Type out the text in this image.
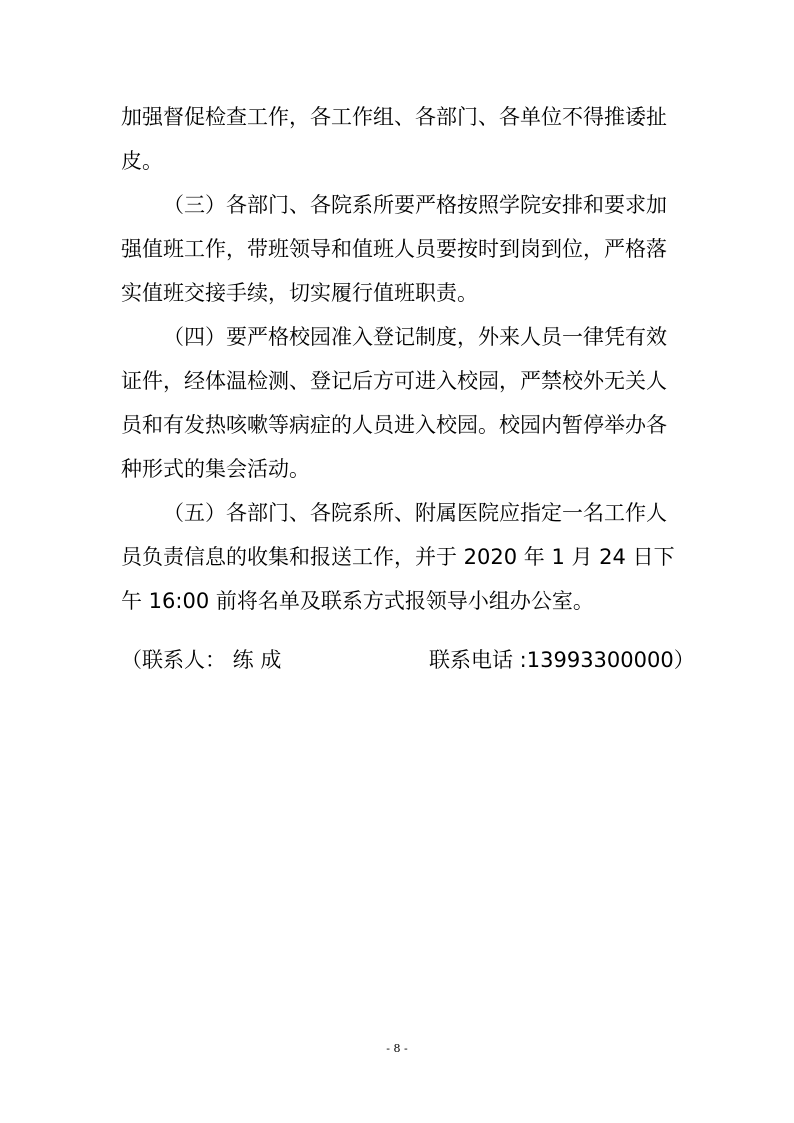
加强督促检查工作，各工作组、各部门、各单位不得推诿扯
皮。
（三）各部门、各院系所要严格按照学院安排和要求加
强值班工作，带班领导和值班人员要按时到岗到位，严格落
实值班交接手续，切实履行值班职责。
（四）要严格校园准入登记制度，外来人员一律凭有效
证件，经体温检测、登记后方可进入校园，严禁校外无关人
员和有发热咳嗽等病症的人员进入校园。校园内暂停举办各
种形式的集会活动。
（五）各部门、各院系所、附属医院应指定一名工作人
员负责信息的收集和报送工作，并于 2020 年 1 月 24 日下
午 16:00 前将名单及联系方式报领导小组办公室。
（联系人： 练 成	联系电话 :13993300000）
- 8 -
